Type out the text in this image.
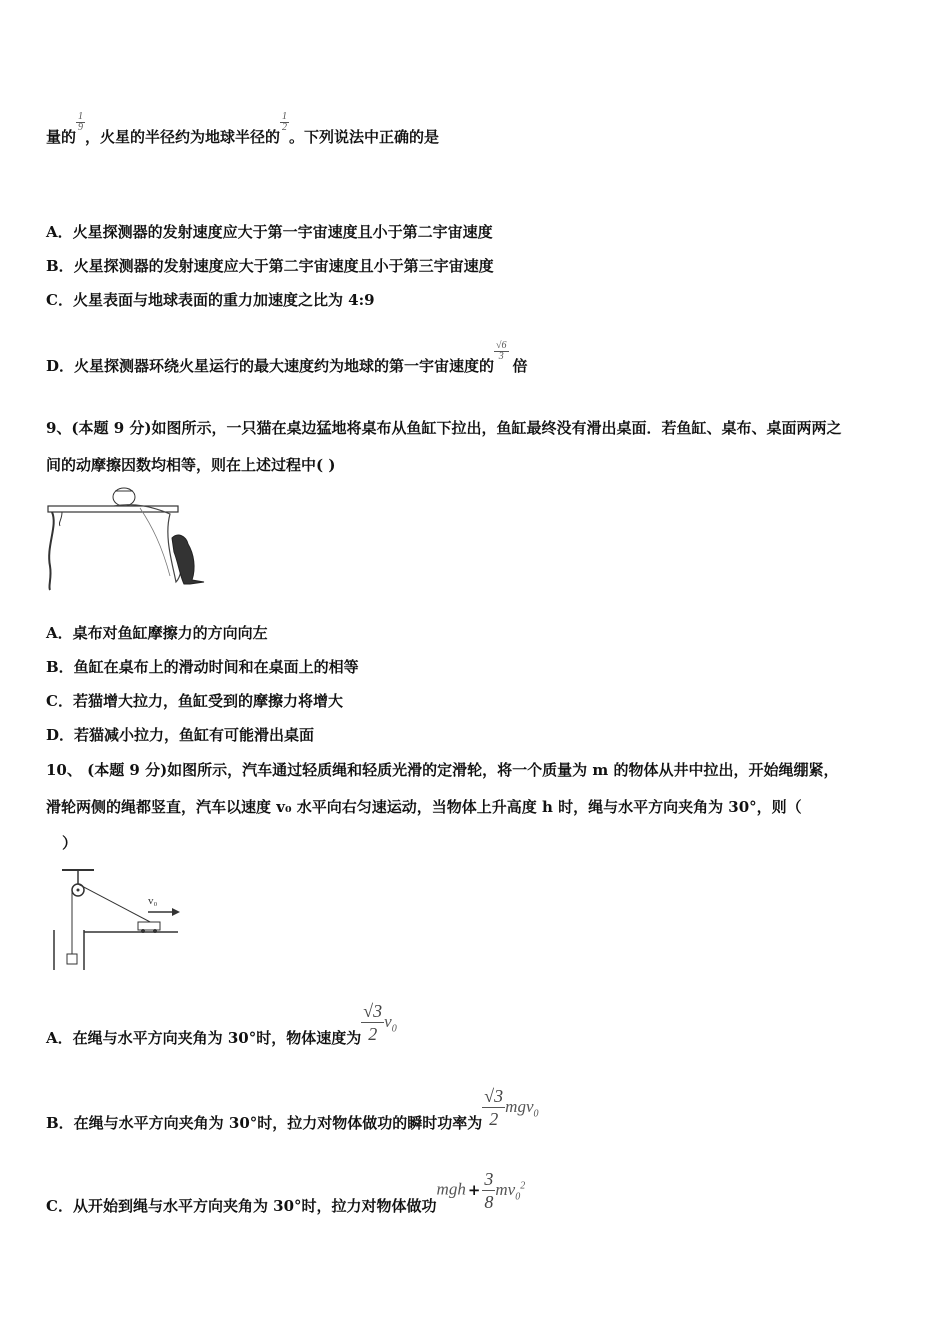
量的
$\frac{1}{9}$
，火星的半径约为地球半径的
$\frac{1}{2}$
。下列说法中正确的是
A．火星探测器的发射速度应大于第一宇宙速度且小于第二宇宙速度
B．火星探测器的发射速度应大于第二宇宙速度且小于第三宇宙速度
C．火星表面与地球表面的重力加速度之比为 4:9
D．火星探测器环绕火星运行的最大速度约为地球的第一宇宙速度的
$\frac{√6}{3}$
倍
9、(本题 9 分)如图所示，一只猫在桌边猛地将桌布从鱼缸下拉出，鱼缸最终没有滑出桌面．若鱼缸、桌布、桌面两两之
间的动摩擦因数均相等，则在上述过程中( )
A．桌布对鱼缸摩擦力的方向向左
B．鱼缸在桌布上的滑动时间和在桌面上的相等
C．若猫增大拉力，鱼缸受到的摩擦力将增大
D．若猫减小拉力，鱼缸有可能滑出桌面
10、 (本题 9 分)如图所示，汽车通过轻质绳和轻质光滑的定滑轮，将一个质量为 m 的物体从井中拉出，开始绳绷紧，
滑轮两侧的绳都竖直，汽车以速度 v₀ 水平向右匀速运动，当物体上升高度 h 时，绳与水平方向夹角为 30°，则（
）
v₀
A．在绳与水平方向夹角为 30°时，物体速度为 $\frac{√3}{2} v_0$
B．在绳与水平方向夹角为 30°时，拉力对物体做功的瞬时功率为 $\frac{√3}{2} mgv_0$
C．从开始到绳与水平方向夹角为 30°时，拉力对物体做功mgh + $\frac{3}{8} mv_0^2$
